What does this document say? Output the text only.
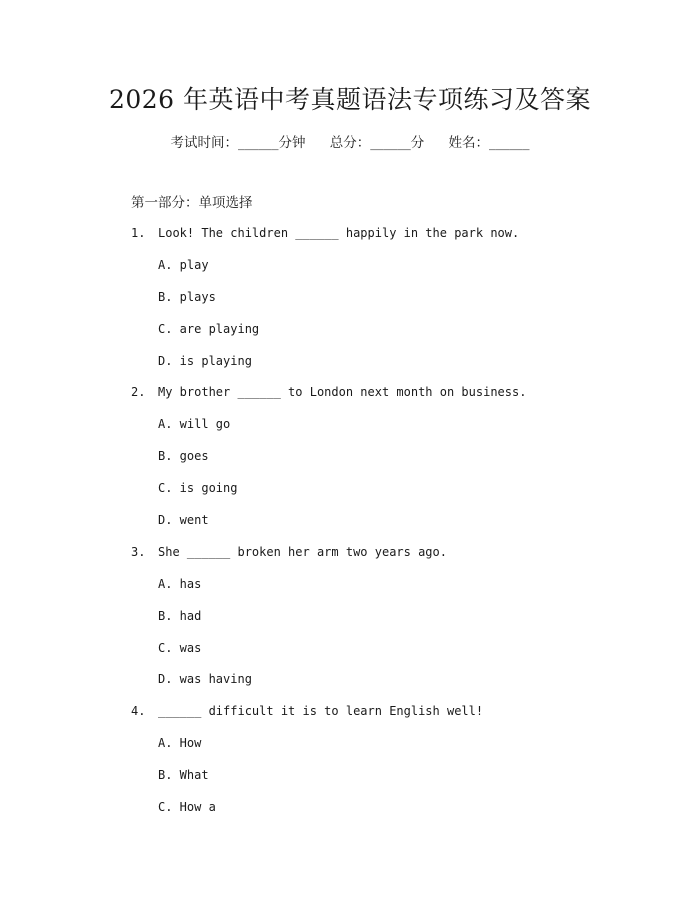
2026 年英语中考真题语法专项练习及答案
考试时间：______分钟 总分：______分 姓名：______
第一部分：单项选择
1. Look! The children ______ happily in the park now.
A. play
B. plays
C. are playing
D. is playing
2. My brother ______ to London next month on business.
A. will go
B. goes
C. is going
D. went
3. She ______ broken her arm two years ago.
A. has
B. had
C. was
D. was having
4. ______ difficult it is to learn English well!
A. How
B. What
C. How a
